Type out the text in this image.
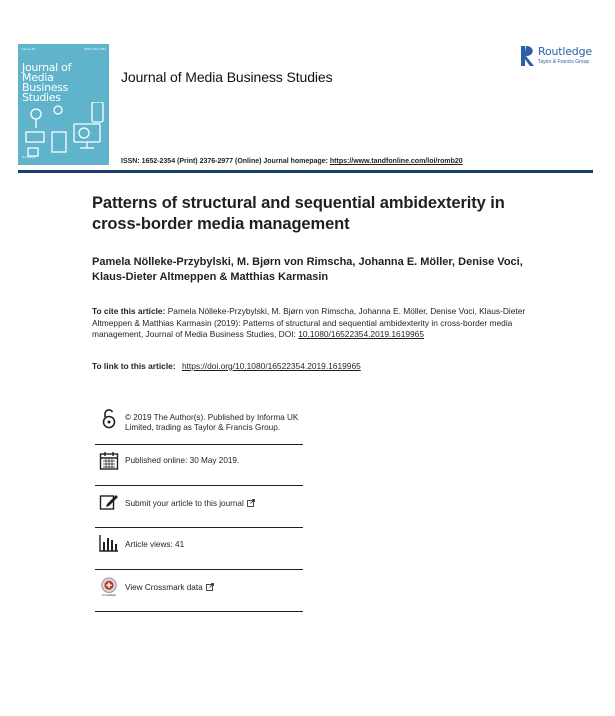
Volume 00	ISSN 1652-2354
Journal of Media Business Studies
Routledge
Journal of Media Business Studies
Routledge
Taylor & Francis Group
ISSN: 1652-2354 (Print) 2376-2977 (Online) Journal homepage: https://www.tandfonline.com/loi/romb20
Patterns of structural and sequential ambidexterity in cross-border media management
Pamela Nölleke-Przybylski, M. Bjørn von Rimscha, Johanna E. Möller, Denise Voci, Klaus-Dieter Altmeppen & Matthias Karmasin
To cite this article: Pamela Nölleke-Przybylski, M. Bjørn von Rimscha, Johanna E. Möller, Denise Voci, Klaus-Dieter Altmeppen & Matthias Karmasin (2019): Patterns of structural and sequential ambidexterity in cross-border media management, Journal of Media Business Studies, DOI: 10.1080/16522354.2019.1619965
To link to this article: https://doi.org/10.1080/16522354.2019.1619965
© 2019 The Author(s). Published by Informa UK Limited, trading as Taylor & Francis Group.
Published online: 30 May 2019.
Submit your article to this journal
Article views: 41
CrossMark
View Crossmark data
